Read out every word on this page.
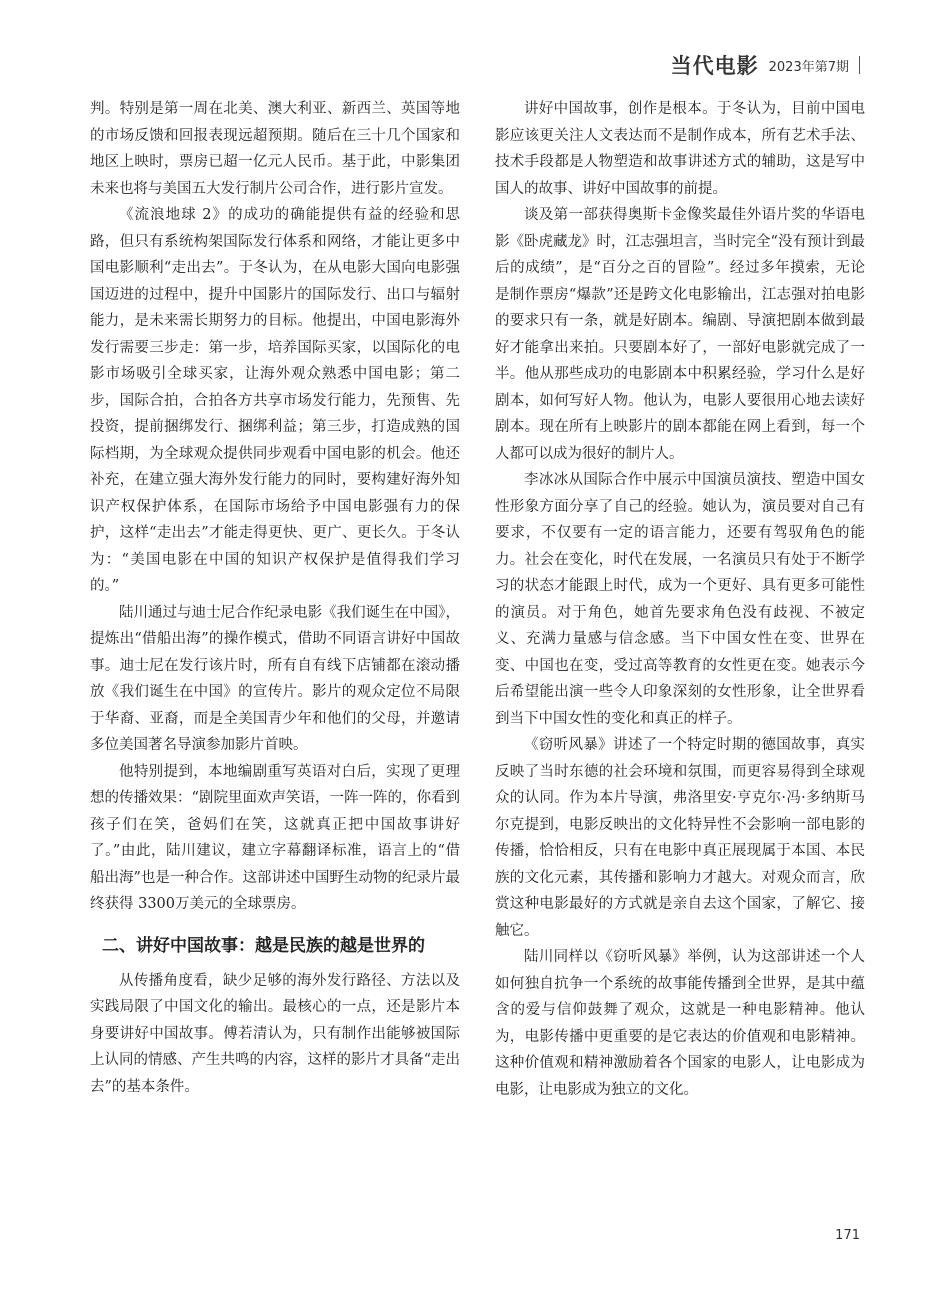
当代电影 2023年第7期

判。特别是第一周在北美、澳大利亚、新西兰、英国等地的市场反馈和回报表现远超预期。随后在三十几个国家和地区上映时，票房已超一亿元人民币。基于此，中影集团未来也将与美国五大发行制片公司合作，进行影片宣发。

《流浪地球 2》的成功的确能提供有益的经验和思路，但只有系统构架国际发行体系和网络，才能让更多中国电影顺利“走出去”。于冬认为，在从电影大国向电影强国迈进的过程中，提升中国影片的国际发行、出口与辐射能力，是未来需长期努力的目标。他提出，中国电影海外发行需要三步走：第一步，培养国际买家，以国际化的电影市场吸引全球买家，让海外观众熟悉中国电影；第二步，国际合拍，合拍各方共享市场发行能力，先预售、先投资，提前捆绑发行、捆绑利益；第三步，打造成熟的国际档期，为全球观众提供同步观看中国电影的机会。他还补充，在建立强大海外发行能力的同时，要构建好海外知识产权保护体系，在国际市场给予中国电影强有力的保护，这样“走出去”才能走得更快、更广、更长久。于冬认为：“美国电影在中国的知识产权保护是值得我们学习的。”

陆川通过与迪士尼合作纪录电影《我们诞生在中国》，提炼出“借船出海”的操作模式，借助不同语言讲好中国故事。迪士尼在发行该片时，所有自有线下店铺都在滚动播放《我们诞生在中国》的宣传片。影片的观众定位不局限于华裔、亚裔，而是全美国青少年和他们的父母，并邀请多位美国著名导演参加影片首映。

他特别提到，本地编剧重写英语对白后，实现了更理想的传播效果：“剧院里面欢声笑语，一阵一阵的，你看到孩子们在笑，爸妈们在笑，这就真正把中国故事讲好了。”由此，陆川建议，建立字幕翻译标准，语言上的“借船出海”也是一种合作。这部讲述中国野生动物的纪录片最终获得 3300万美元的全球票房。

二、讲好中国故事：越是民族的越是世界的

从传播角度看，缺少足够的海外发行路径、方法以及实践局限了中国文化的输出。最核心的一点，还是影片本身要讲好中国故事。傅若清认为，只有制作出能够被国际上认同的情感、产生共鸣的内容，这样的影片才具备“走出去”的基本条件。

讲好中国故事，创作是根本。于冬认为，目前中国电影应该更关注人文表达而不是制作成本，所有艺术手法、技术手段都是人物塑造和故事讲述方式的辅助，这是写中国人的故事、讲好中国故事的前提。

谈及第一部获得奥斯卡金像奖最佳外语片奖的华语电影《卧虎藏龙》时，江志强坦言，当时完全“没有预计到最后的成绩”，是“百分之百的冒险”。经过多年摸索，无论是制作票房“爆款”还是跨文化电影输出，江志强对拍电影的要求只有一条，就是好剧本。编剧、导演把剧本做到最好才能拿出来拍。只要剧本好了，一部好电影就完成了一半。他从那些成功的电影剧本中积累经验，学习什么是好剧本，如何写好人物。他认为，电影人要很用心地去读好剧本。现在所有上映影片的剧本都能在网上看到，每一个人都可以成为很好的制片人。

李冰冰从国际合作中展示中国演员演技、塑造中国女性形象方面分享了自己的经验。她认为，演员要对自己有要求，不仅要有一定的语言能力，还要有驾驭角色的能力。社会在变化，时代在发展，一名演员只有处于不断学习的状态才能跟上时代，成为一个更好、具有更多可能性的演员。对于角色，她首先要求角色没有歧视、不被定义、充满力量感与信念感。当下中国女性在变、世界在变、中国也在变，受过高等教育的女性更在变。她表示今后希望能出演一些令人印象深刻的女性形象，让全世界看到当下中国女性的变化和真正的样子。

《窃听风暴》讲述了一个特定时期的德国故事，真实反映了当时东德的社会环境和氛围，而更容易得到全球观众的认同。作为本片导演，弗洛里安·亨克尔·冯·多纳斯马尔克提到，电影反映出的文化特异性不会影响一部电影的传播，恰恰相反，只有在电影中真正展现属于本国、本民族的文化元素，其传播和影响力才越大。对观众而言，欣赏这种电影最好的方式就是亲自去这个国家，了解它、接触它。

陆川同样以《窃听风暴》举例，认为这部讲述一个人如何独自抗争一个系统的故事能传播到全世界，是其中蕴含的爱与信仰鼓舞了观众，这就是一种电影精神。他认为，电影传播中更重要的是它表达的价值观和电影精神。这种价值观和精神激励着各个国家的电影人，让电影成为电影，让电影成为独立的文化。

171
